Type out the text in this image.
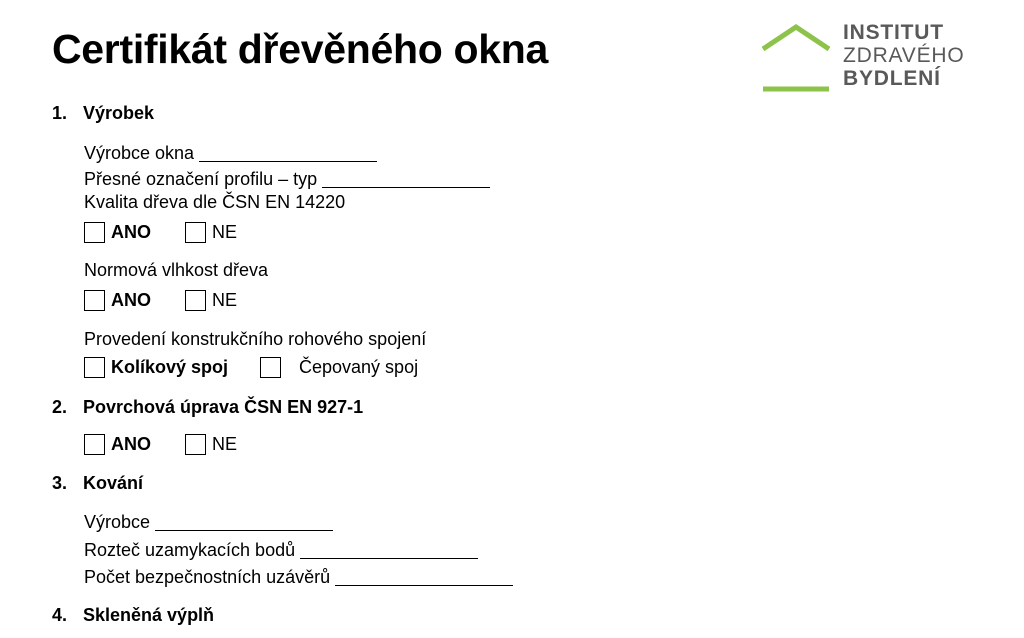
Certifikát dřevěného okna	INSTITUT
ZDRAVÉHO
BYDLENÍ
1. Výrobek
Výrobce okna
Přesné označení profilu – typ
Kvalita dřeva dle ČSN EN 14220
ANO	NE
Normová vlhkost dřeva
ANO	NE
Provedení konstrukčního rohového spojení
Kolíkový spoj	Čepovaný spoj
2. Povrchová úprava ČSN EN 927-1
ANO	NE
3. Kování
Výrobce
Rozteč uzamykacích bodů
Počet bezpečnostních uzávěrů
4. Skleněná výplň
